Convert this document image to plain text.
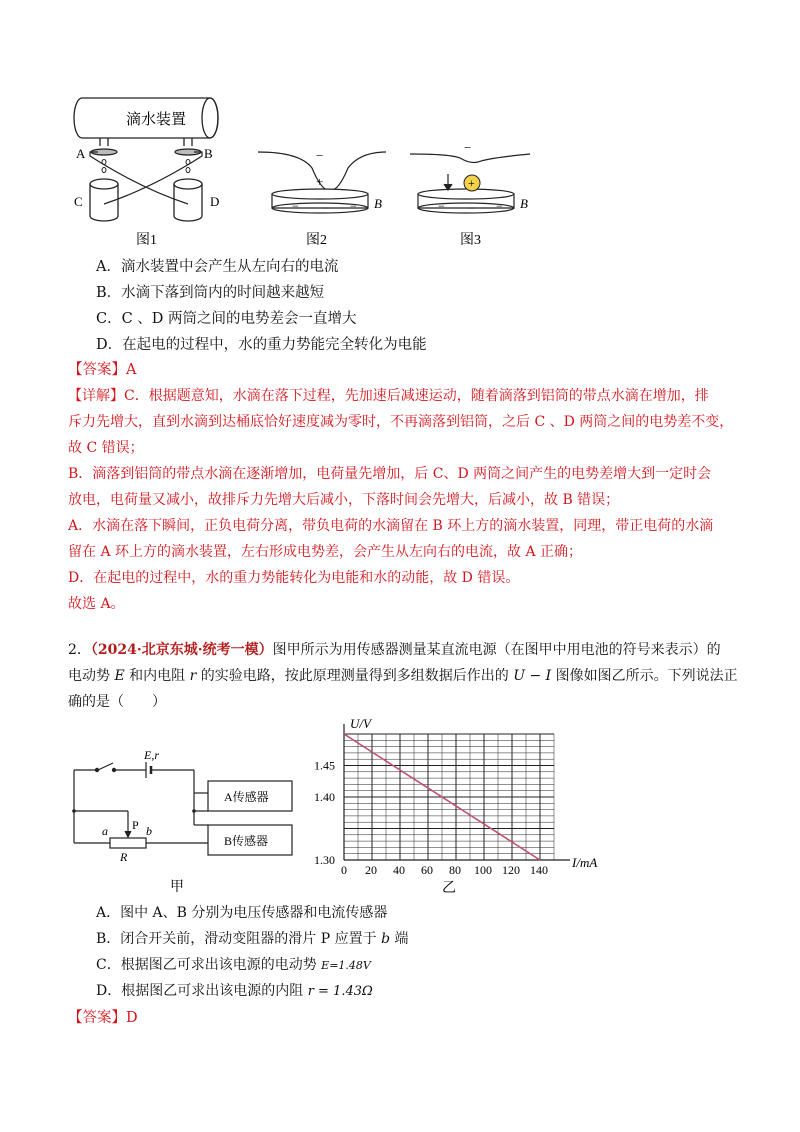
滴水装置
A	B
C	D
图1
−
+
− − − B
图2
+
−
− − − B
图3
A．滴水装置中会产生从左向右的电流
B．水滴下落到筒内的时间越来越短
C．C 、D 两筒之间的电势差会一直增大
D．在起电的过程中，水的重力势能完全转化为电能
【答案】A
【详解】C．根据题意知，水滴在落下过程，先加速后减速运动，随着滴落到铝筒的带点水滴在增加，排
斥力先增大，直到水滴到达桶底恰好速度减为零时，不再滴落到铝筒，之后 C 、D 两筒之间的电势差不变，
故 C 错误；
B．滴落到铝筒的带点水滴在逐渐增加，电荷量先增加，后 C、D 两筒之间产生的电势差增大到一定时会
放电，电荷量又减小，故排斥力先增大后减小，下落时间会先增大，后减小，故 B 错误；
A．水滴在落下瞬间，正负电荷分离，带负电荷的水滴留在 B 环上方的滴水装置，同理，带正电荷的水滴
留在 A 环上方的滴水装置，左右形成电势差，会产生从左向右的电流，故 A 正确；
D．在起电的过程中，水的重力势能转化为电能和水的动能，故 D 错误。
故选 A。
2．（2024·北京东城·统考一模）图甲所示为用传感器测量某直流电源（在图甲中用电池的符号来表示）的
电动势 E 和内电阻 r 的实验电路，按此原理测量得到多组数据后作出的 U − I 图像如图乙所示。下列说法正
确的是（　　）
E,r
A传感器
B传感器
a P b
R
甲
0 20 40 60 80 100 120 140
1.30
1.40
1.45
U/V
I/mA
乙
A．图中 A、B 分别为电压传感器和电流传感器
B．闭合开关前，滑动变阻器的滑片 P 应置于 b 端
C．根据图乙可求出该电源的电动势 E=1.48V
D．根据图乙可求出该电源的内阻 r = 1.43Ω
【答案】D
